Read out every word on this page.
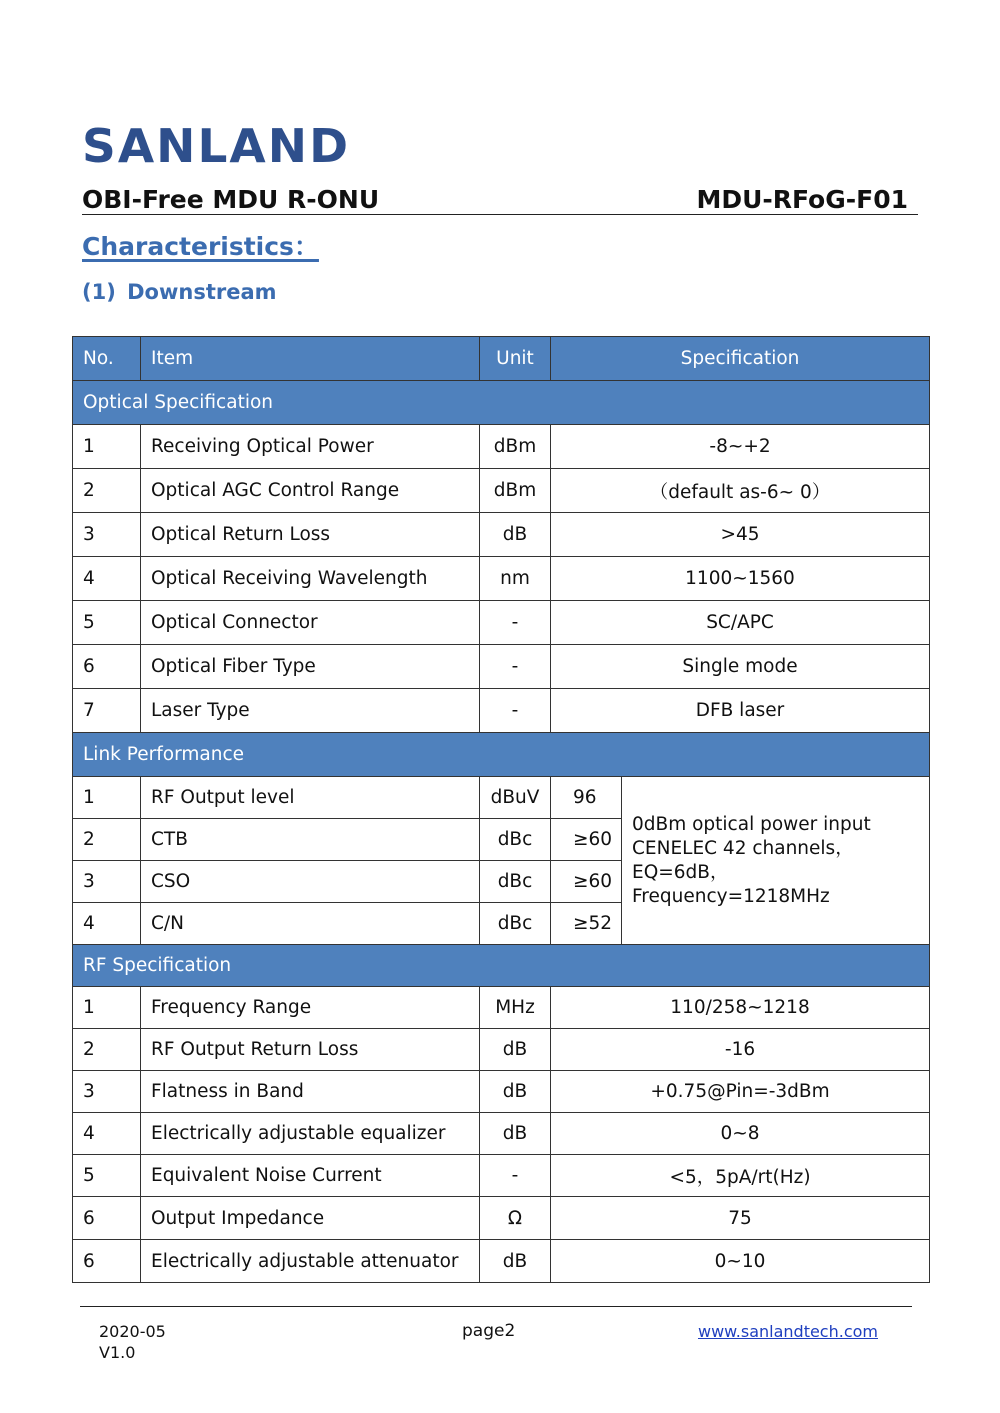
SANLAND
OBI-Free MDU R-ONU	MDU-RFoG-F01
Characteristics：
(1) Downstream
No.	Item	Unit	Specification	
Optical Specification				
1	Receiving Optical Power	dBm	-8~+2	
2	Optical AGC Control Range	dBm	（default as-6~ 0）	
3	Optical Return Loss	dB	>45	
4	Optical Receiving Wavelength	nm	1100~1560	
5	Optical Connector	-	SC/APC	
6	Optical Fiber Type	-	Single mode	
7	Laser Type	-	DFB laser	
Link Performance				
1	RF Output level	dBuV	96	0dBm optical power input
CENELEC 42 channels，EQ=6dB，
Frequency=1218MHz

2	CTB	dBc	≥60	
3	CSO	dBc	≥60	
4	C/N	dBc	≥52	
RF Specification				
1	Frequency Range	MHz	110/258~1218	
2	RF Output Return Loss	dB	-16	
3	Flatness in Band	dB	+0.75@Pin=-3dBm	
4	Electrically adjustable equalizer	dB	0~8	
5	Equivalent Noise Current	-	<5，5pA/rt(Hz)	
6	Output Impedance	Ω	75	
6	Electrically adjustable attenuator	dB	0~10	
2020-05
V1.0
page2	www.sanlandtech.com
